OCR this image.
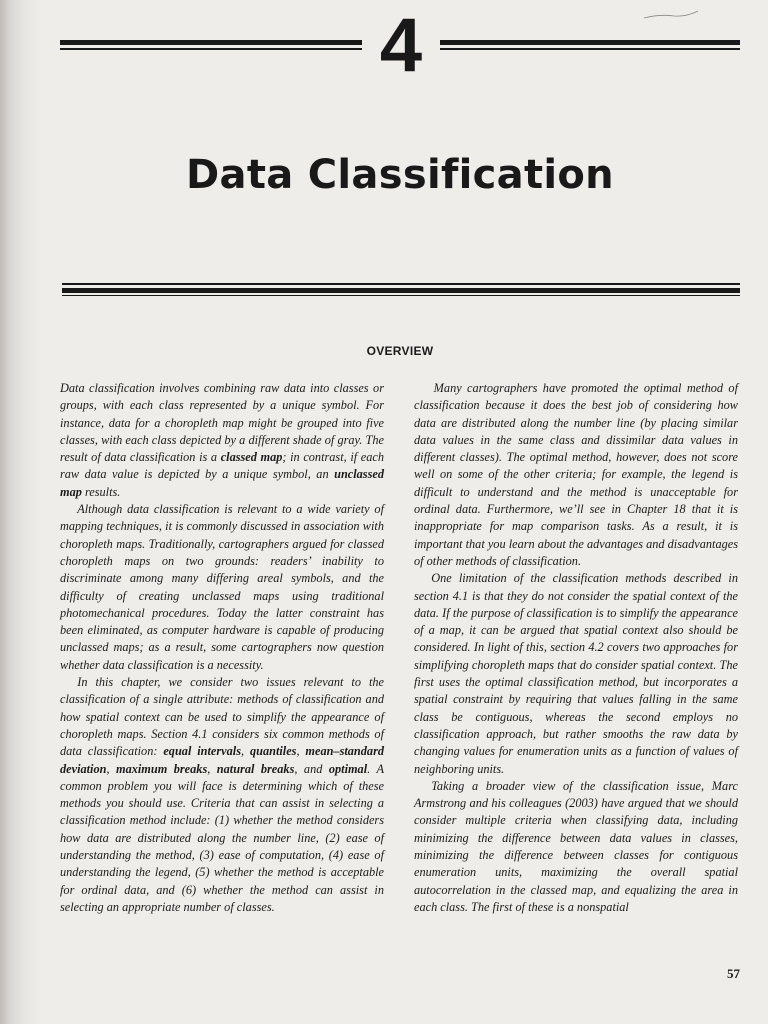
4
Data Classification
OVERVIEW

Data classification involves combining raw data into classes or groups, with each class represented by a unique symbol. For instance, data for a choropleth map might be grouped into five classes, with each class depicted by a different shade of gray. The result of data classification is a classed map; in contrast, if each raw data value is depicted by a unique symbol, an unclassed map results.

Although data classification is relevant to a wide variety of mapping techniques, it is commonly discussed in association with choropleth maps. Traditionally, cartographers argued for classed choropleth maps on two grounds: readers’ inability to discriminate among many differing areal symbols, and the difficulty of creating unclassed maps using traditional photomechanical procedures. Today the latter constraint has been eliminated, as computer hardware is capable of producing unclassed maps; as a result, some cartographers now question whether data classification is a necessity.

In this chapter, we consider two issues relevant to the classification of a single attribute: methods of classification and how spatial context can be used to simplify the appearance of choropleth maps. Section 4.1 considers six common methods of data classification: equal intervals, quantiles, mean–standard deviation, maximum breaks, natural breaks, and optimal. A common problem you will face is determining which of these methods you should use. Criteria that can assist in selecting a classification method include: (1) whether the method considers how data are distributed along the number line, (2) ease of understanding the method, (3) ease of computation, (4) ease of understanding the legend, (5) whether the method is acceptable for ordinal data, and (6) whether the method can assist in selecting an appropriate number of classes.

Many cartographers have promoted the optimal method of classification because it does the best job of considering how data are distributed along the number line (by placing similar data values in the same class and dissimilar data values in different classes). The optimal method, however, does not score well on some of the other criteria; for example, the legend is difficult to understand and the method is unacceptable for ordinal data. Furthermore, we’ll see in Chapter 18 that it is inappropriate for map comparison tasks. As a result, it is important that you learn about the advantages and disadvantages of other methods of classification.

One limitation of the classification methods described in section 4.1 is that they do not consider the spatial context of the data. If the purpose of classification is to simplify the appearance of a map, it can be argued that spatial context also should be considered. In light of this, section 4.2 covers two approaches for simplifying choropleth maps that do consider spatial context. The first uses the optimal classification method, but incorporates a spatial constraint by requiring that values falling in the same class be contiguous, whereas the second employs no classification approach, but rather smooths the raw data by changing values for enumeration units as a function of values of neighboring units.

Taking a broader view of the classification issue, Marc Armstrong and his colleagues (2003) have argued that we should consider multiple criteria when classifying data, including minimizing the difference between data values in classes, minimizing the difference between classes for contiguous enumeration units, maximizing the overall spatial autocorrelation in the classed map, and equalizing the area in each class. The first of these is a nonspatial

57
